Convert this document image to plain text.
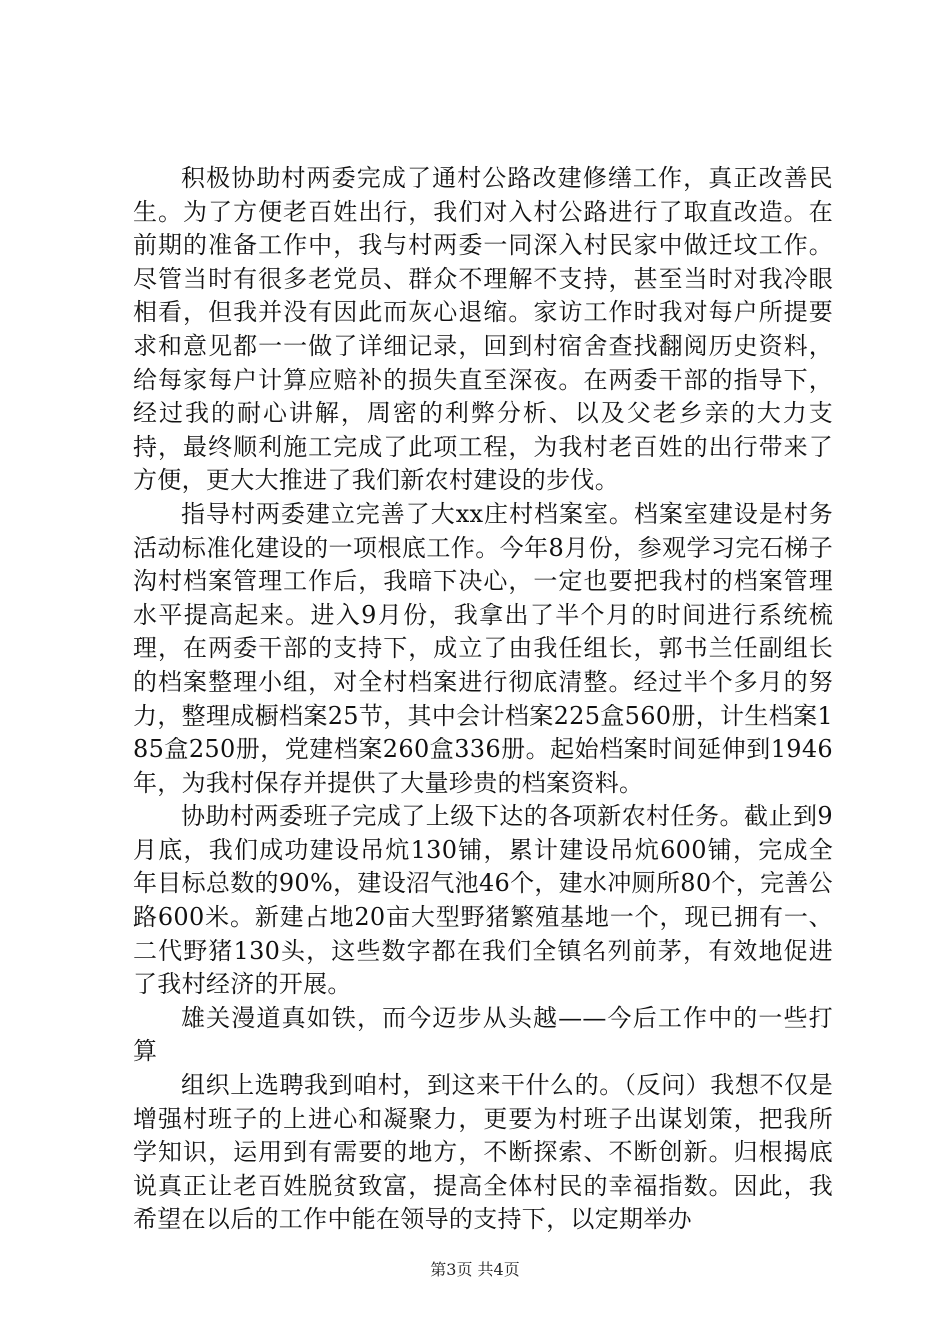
积极协助村两委完成了通村公路改建修缮工作，真正改善民生。为了方便老百姓出行，我们对入村公路进行了取直改造。在前期的准备工作中，我与村两委一同深入村民家中做迁坟工作。尽管当时有很多老党员、群众不理解不支持，甚至当时对我冷眼相看，但我并没有因此而灰心退缩。家访工作时我对每户所提要求和意见都一一做了详细记录，回到村宿舍查找翻阅历史资料，给每家每户计算应赔补的损失直至深夜。在两委干部的指导下，经过我的耐心讲解，周密的利弊分析、以及父老乡亲的大力支持，最终顺利施工完成了此项工程，为我村老百姓的出行带来了方便，更大大推进了我们新农村建设的步伐。

指导村两委建立完善了大xx庄村档案室。档案室建设是村务活动标准化建设的一项根底工作。今年8月份，参观学习完石梯子沟村档案管理工作后，我暗下决心，一定也要把我村的档案管理水平提高起来。进入9月份，我拿出了半个月的时间进行系统梳理，在两委干部的支持下，成立了由我任组长，郭书兰任副组长的档案整理小组，对全村档案进行彻底清整。经过半个多月的努力，整理成橱档案25节，其中会计档案225盒560册，计生档案185盒250册，党建档案260盒336册。起始档案时间延伸到1946年，为我村保存并提供了大量珍贵的档案资料。

协助村两委班子完成了上级下达的各项新农村任务。截止到9月底，我们成功建设吊炕130铺，累计建设吊炕600铺，完成全年目标总数的90%，建设沼气池46个，建水冲厕所80个，完善公路600米。新建占地20亩大型野猪繁殖基地一个，现已拥有一、二代野猪130头，这些数字都在我们全镇名列前茅，有效地促进了我村经济的开展。

雄关漫道真如铁，而今迈步从头越——今后工作中的一些打算

组织上选聘我到咱村，到这来干什么的。（反问）我想不仅是增强村班子的上进心和凝聚力，更要为村班子出谋划策，把我所学知识，运用到有需要的地方，不断探索、不断创新。归根揭底说真正让老百姓脱贫致富，提高全体村民的幸福指数。因此，我希望在以后的工作中能在领导的支持下，以定期举办

第3页 共4页
